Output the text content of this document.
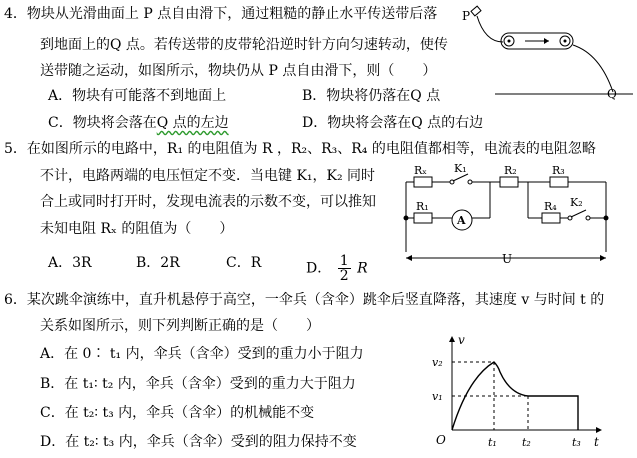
4．物块从光滑曲面上 P 点自由滑下，通过粗糙的静止水平传送带后落
到地面上的Q 点。若传送带的皮带轮沿逆时针方向匀速转动，使传
送带随之运动，如图所示，物块仍从 P 点自由滑下，则（　　）
A．物块有可能落不到地面上	B．物块将仍落在Q 点
C．物块将会落在Q 点的左边	D．物块将会落在Q 点的右边
P
Q
5．在如图所示的电路中，R₁ 的电阻值为 R ，R₂、R₃、R₄ 的电阻值都相等，电流表的电阻忽略
不计，电路两端的电压恒定不变．当电键 K₁，K₂ 同时
合上或同时打开时，发现电流表的示数不变，可以推知
未知电阻 Rₓ 的阻值为（　　）
A．3R	B．2R	C．R	D． $\frac{1}{2}$ R
Rₓ K₁	R₂	R₃
R₁
A
R₄ K₂
U
6．某次跳伞演练中，直升机悬停于高空，一伞兵（含伞）跳伞后竖直降落，其速度 v 与时间 t 的
关系如图所示，则下列判断正确的是（　　）
A．在 0∶ t₁ 内，伞兵（含伞）受到的重力小于阻力
B．在 t₁∶ t₂ 内，伞兵（含伞）受到的重力大于阻力
C．在 t₂∶ t₃ 内，伞兵（含伞）的机械能不变
D．在 t₂∶ t₃ 内，伞兵（含伞）受到的阻力保持不变
v
t
O
v₂
v₁
t₁ t₂	t₃
